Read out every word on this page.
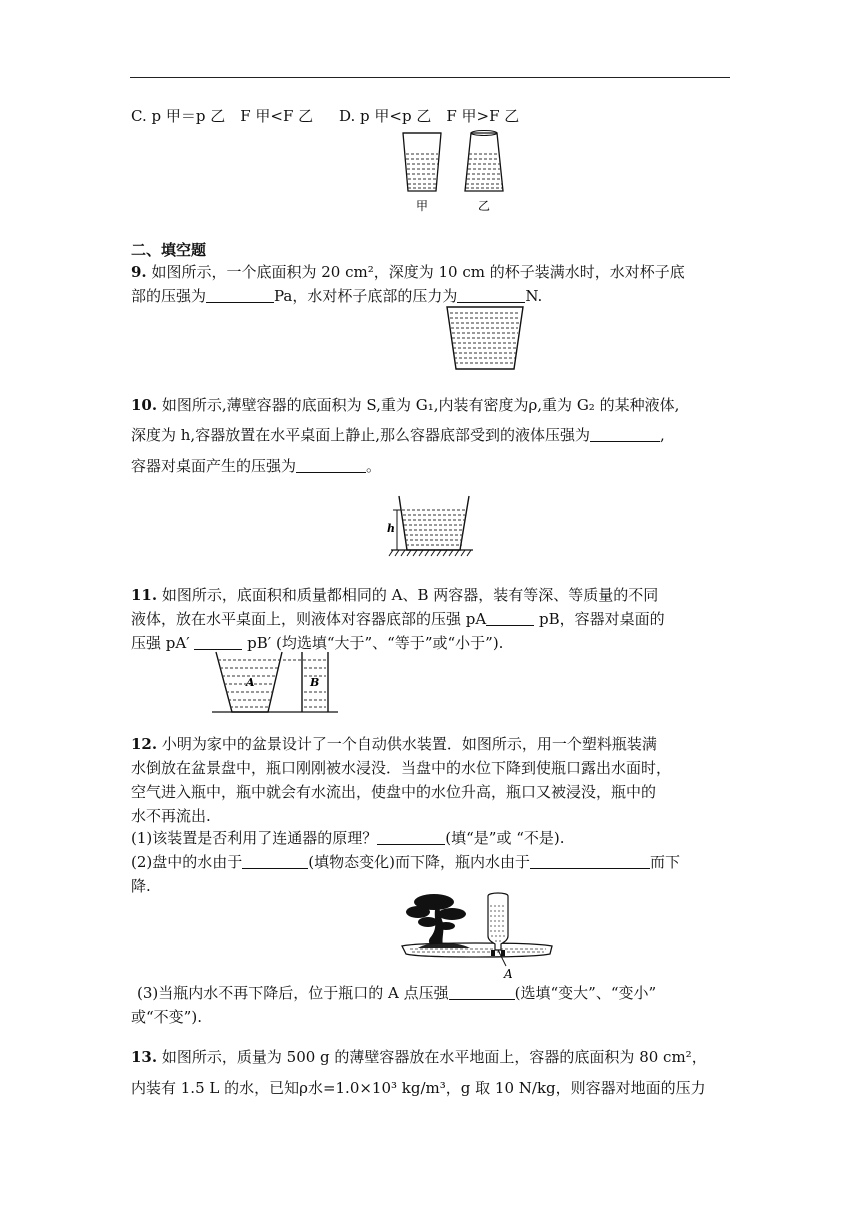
C. p 甲＝p 乙　F 甲<F 乙 D. p 甲<p 乙　F 甲>F 乙
甲	乙
二、填空题
9. 如图所示，一个底面积为 20 cm²，深度为 10 cm 的杯子装满水时，水对杯子底
部的压强为	Pa，水对杯子底部的压力为	N.
10. 如图所示,薄壁容器的底面积为 S,重为 G₁,内装有密度为ρ,重为 G₂ 的某种液体,
深度为 h,容器放置在水平桌面上静止,那么容器底部受到的液体压强为	,
容器对桌面产生的压强为	。
h
11. 如图所示，底面积和质量都相同的 A、B 两容器，装有等深、等质量的不同
液体，放在水平桌面上，则液体对容器底部的压强 pA	pB，容器对桌面的
压强 pA′	pB′ (均选填“大于”、“等于”或“小于”).
A	B
12. 小明为家中的盆景设计了一个自动供水装置．如图所示，用一个塑料瓶装满
水倒放在盆景盘中，瓶口刚刚被水浸没．当盘中的水位下降到使瓶口露出水面时，
空气进入瓶中，瓶中就会有水流出，使盘中的水位升高，瓶口又被浸没，瓶中的
水不再流出.
(1)该装置是否利用了连通器的原理？	(填“是”或 “不是).
(2)盘中的水由于	(填物态变化)而下降，瓶内水由于	而下
降.
A
(3)当瓶内水不再下降后，位于瓶口的 A 点压强	(选填“变大”、“变小”
或“不变”).
13. 如图所示，质量为 500 g 的薄壁容器放在水平地面上，容器的底面积为 80 cm²，
内装有 1.5 L 的水，已知ρ水=1.0×10³ kg/m³，g 取 10 N/kg，则容器对地面的压力
